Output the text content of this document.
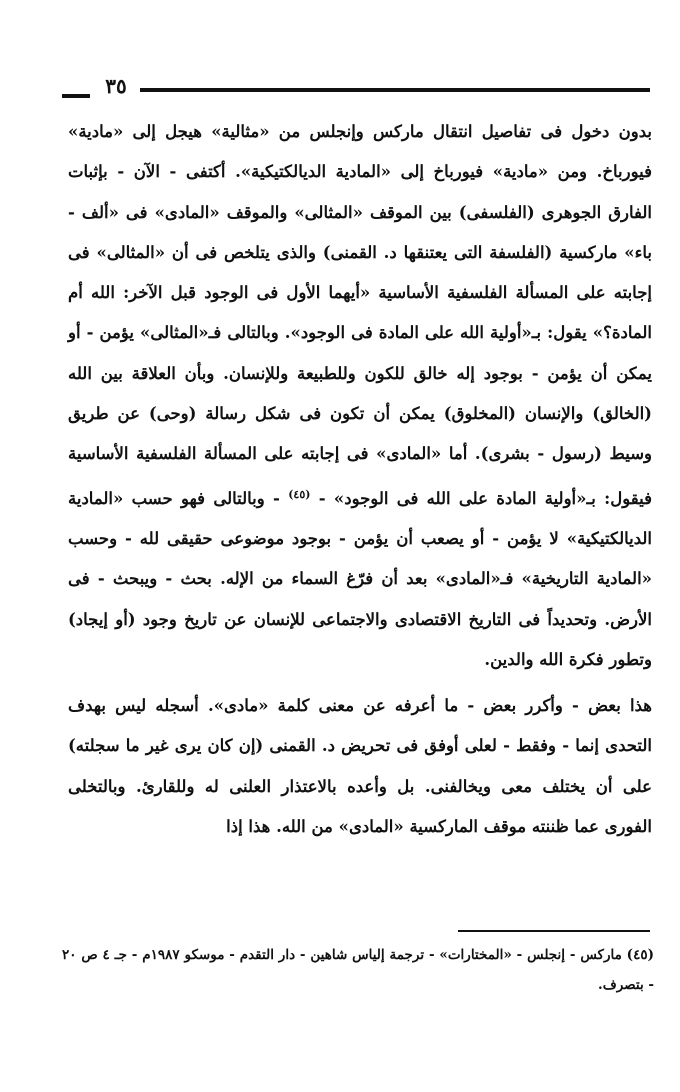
٣٥

بدون دخول فى تفاصيل انتقال ماركس وإنجلس من «مثالية» هيجل إلى «مادية» فيورباخ. ومن «مادية» فيورباخ إلى «المادية الديالكتيكية». أكتفى - الآن - بإثبات الفارق الجوهرى (الفلسفى) بين الموقف «المثالى» والموقف «المادى» فى «ألف - باء» ماركسية (الفلسفة التى يعتنقها د. القمنى) والذى يتلخص فى أن «المثالى» فى إجابته على المسألة الفلسفية الأساسية «أيهما الأول فى الوجود قبل الآخر: الله أم المادة؟» يقول: بـ«أولية الله على المادة فى الوجود». وبالتالى فـ«المثالى» يؤمن - أو يمكن أن يؤمن - بوجود إله خالق للكون وللطبيعة وللإنسان. وبأن العلاقة بين الله (الخالق) والإنسان (المخلوق) يمكن أن تكون فى شكل رسالة (وحى) عن طريق وسيط (رسول - بشرى). أما «المادى» فى إجابته على المسألة الفلسفية الأساسية فيقول: بـ«أولية المادة على الله فى الوجود» - $^{(٤٥)}$ - وبالتالى فهو حسب «المادية الديالكتيكية» لا يؤمن - أو يصعب أن يؤمن - بوجود موضوعى حقيقى لله - وحسب «المادية التاريخية» فـ«المادى» بعد أن فرّغ السماء من الإله. بحث - ويبحث - فى الأرض. وتحديداً فى التاريخ الاقتصادى والاجتماعى للإنسان عن تاريخ وجود (أو إيجاد) وتطور فكرة الله والدين.

هذا بعض - وأكرر بعض - ما أعرفه عن معنى كلمة «مادى». أسجله ليس بهدف التحدى إنما - وفقط - لعلى أوفق فى تحريض د. القمنى (إن كان يرى غير ما سجلته) على أن يختلف معى ويخالفنى. بل وأعده بالاعتذار العلنى له وللقارئ. وبالتخلى الفورى عما ظننته موقف الماركسية «المادى» من الله. هذا إذا

(٤٥) ماركس - إنجلس - «المختارات» - ترجمة إلياس شاهين - دار التقدم - موسكو ١٩٨٧م - جـ ٤ ص ٢٠ - بتصرف.
